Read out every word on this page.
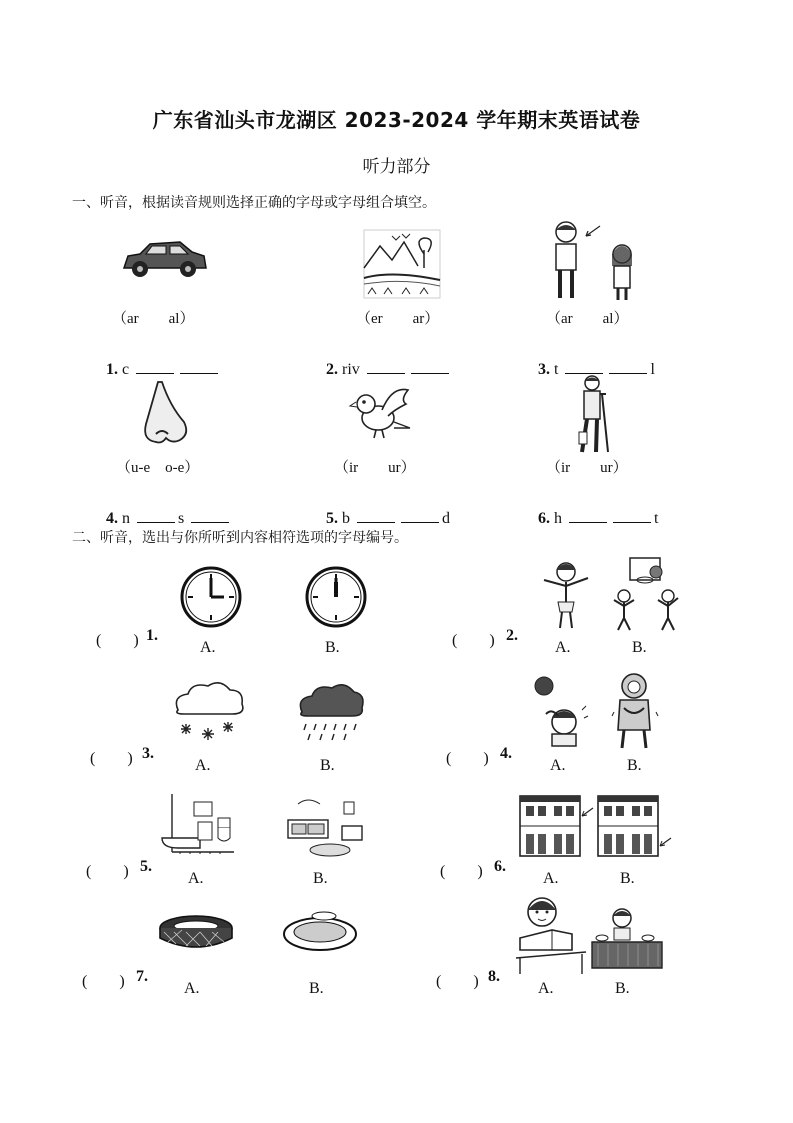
广东省汕头市龙湖区 2023-2024 学年期末英语试卷
听力部分
一、听音，根据读音规则选择正确的字母或字母组合填空。
（ar　　al）	（er　　ar）	（ar　　al）

1. c	2. riv	3. t	l

（u-e　o-e）	（ir　　ur）	（ir　　ur）

4. n	s	5. b	d	6. h	t

二、听音，选出与你所听到内容相符选项的字母编号。
(　　) 1.
A.	B.	(　　) 2.
A.	B.
(　　) 3.
A.	B.	(　　) 4.
A.	B.
(　　) 5.
A.	B.	(　　) 6.
A.	B.
(　　) 7.
A.	B.	(　　) 8.
A.	B.
